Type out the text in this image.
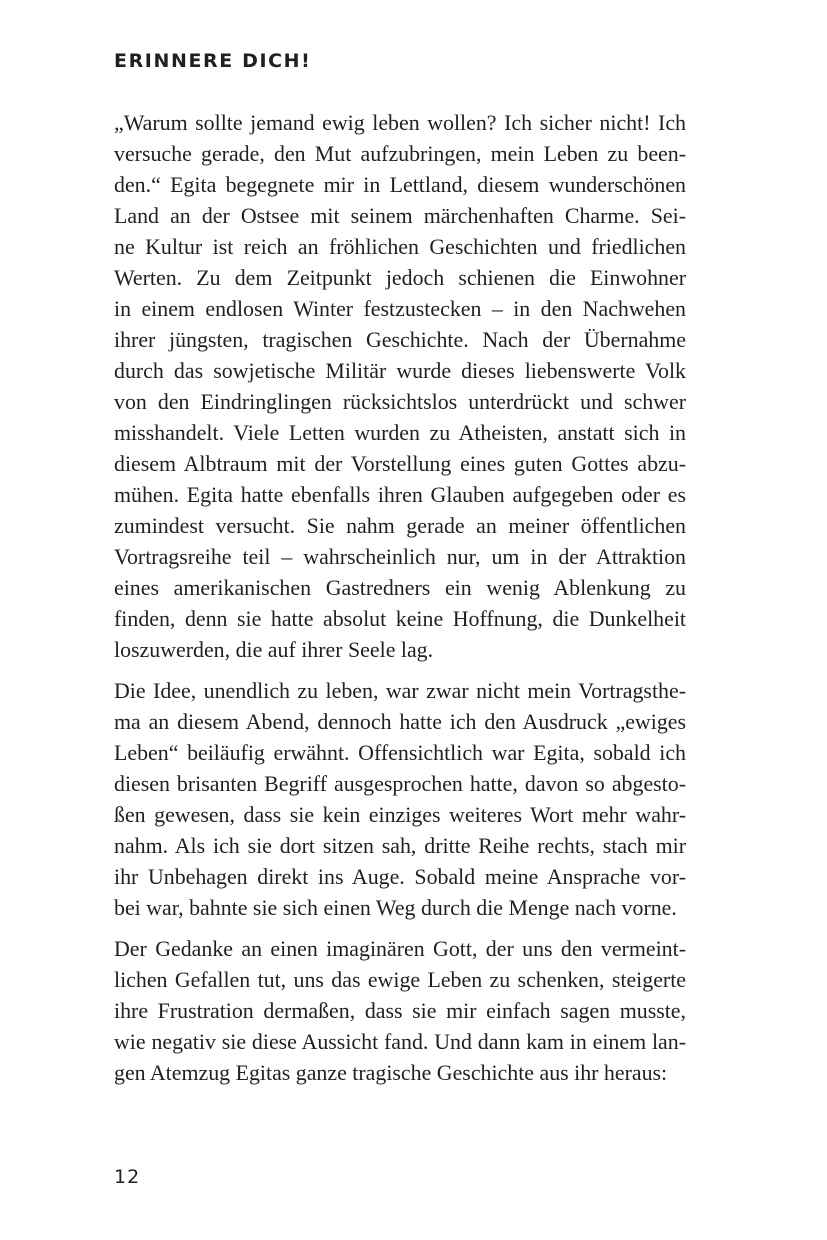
ERINNERE DICH!

„Warum sollte jemand ewig leben wollen? Ich sicher nicht! Ich
versuche gerade, den Mut aufzubringen, mein Leben zu been-
den.“ Egita begegnete mir in Lettland, diesem wunderschönen
Land an der Ostsee mit seinem märchenhaften Charme. Sei-
ne Kultur ist reich an fröhlichen Geschichten und friedlichen
Werten. Zu dem Zeitpunkt jedoch schienen die Einwohner
in einem endlosen Winter festzustecken – in den Nachwehen
ihrer jüngsten, tragischen Geschichte. Nach der Übernahme
durch das sowjetische Militär wurde dieses liebenswerte Volk
von den Eindringlingen rücksichtslos unterdrückt und schwer
misshandelt. Viele Letten wurden zu Atheisten, anstatt sich in
diesem Albtraum mit der Vorstellung eines guten Gottes abzu-
mühen. Egita hatte ebenfalls ihren Glauben aufgegeben oder es
zumindest versucht. Sie nahm gerade an meiner öffentlichen
Vortragsreihe teil – wahrscheinlich nur, um in der Attraktion
eines amerikanischen Gastredners ein wenig Ablenkung zu
finden, denn sie hatte absolut keine Hoffnung, die Dunkelheit
loszuwerden, die auf ihrer Seele lag.

Die Idee, unendlich zu leben, war zwar nicht mein Vortragsthe-
ma an diesem Abend, dennoch hatte ich den Ausdruck „ewiges
Leben“ beiläufig erwähnt. Offensichtlich war Egita, sobald ich
diesen brisanten Begriff ausgesprochen hatte, davon so abgesto-
ßen gewesen, dass sie kein einziges weiteres Wort mehr wahr-
nahm. Als ich sie dort sitzen sah, dritte Reihe rechts, stach mir
ihr Unbehagen direkt ins Auge. Sobald meine Ansprache vor-
bei war, bahnte sie sich einen Weg durch die Menge nach vorne.

Der Gedanke an einen imaginären Gott, der uns den vermeint-
lichen Gefallen tut, uns das ewige Leben zu schenken, steigerte
ihre Frustration dermaßen, dass sie mir einfach sagen musste,
wie negativ sie diese Aussicht fand. Und dann kam in einem lan-
gen Atemzug Egitas ganze tragische Geschichte aus ihr heraus:

12
